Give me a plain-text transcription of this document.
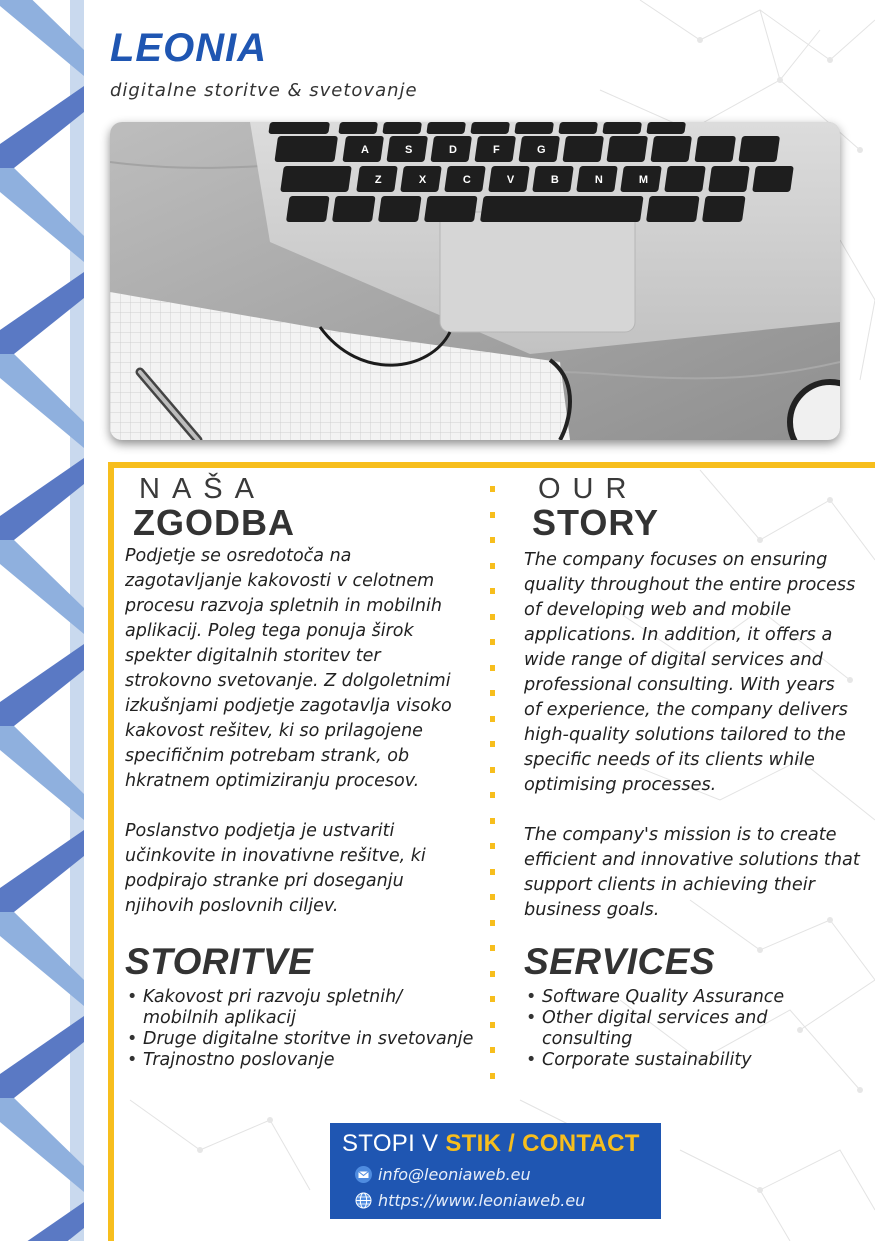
LEONIA
digitalne storitve & svetovanje
A	S	D	F	G
Z	X	C	V	B	N	M
NAŠA
ZGODBA
Podjetje se osredotoča na
zagotavljanje kakovosti v celotnem
procesu razvoja spletnih in mobilnih
aplikacij. Poleg tega ponuja širok
spekter digitalnih storitev ter
strokovno svetovanje. Z dolgoletnimi
izkušnjami podjetje zagotavlja visoko
kakovost rešitev, ki so prilagojene
specifičnim potrebam strank, ob
hkratnem optimiziranju procesov.
Poslanstvo podjetja je ustvariti
učinkovite in inovativne rešitve, ki
podpirajo stranke pri doseganju
njihovih poslovnih ciljev.
STORITVE
• Kakovost pri razvoju spletnih/
mobilnih aplikacij
• Druge digitalne storitve in svetovanje
• Trajnostno poslovanje
OUR
STORY
The company focuses on ensuring
quality throughout the entire process
of developing web and mobile
applications. In addition, it offers a
wide range of digital services and
professional consulting. With years
of experience, the company delivers
high-quality solutions tailored to the
specific needs of its clients while
optimising processes.
The company's mission is to create
efficient and innovative solutions that
support clients in achieving their
business goals.
SERVICES
• Software Quality Assurance
• Other digital services and
consulting
• Corporate sustainability
STOPI V STIK / CONTACT
info@leoniaweb.eu
https://www.leoniaweb.eu
